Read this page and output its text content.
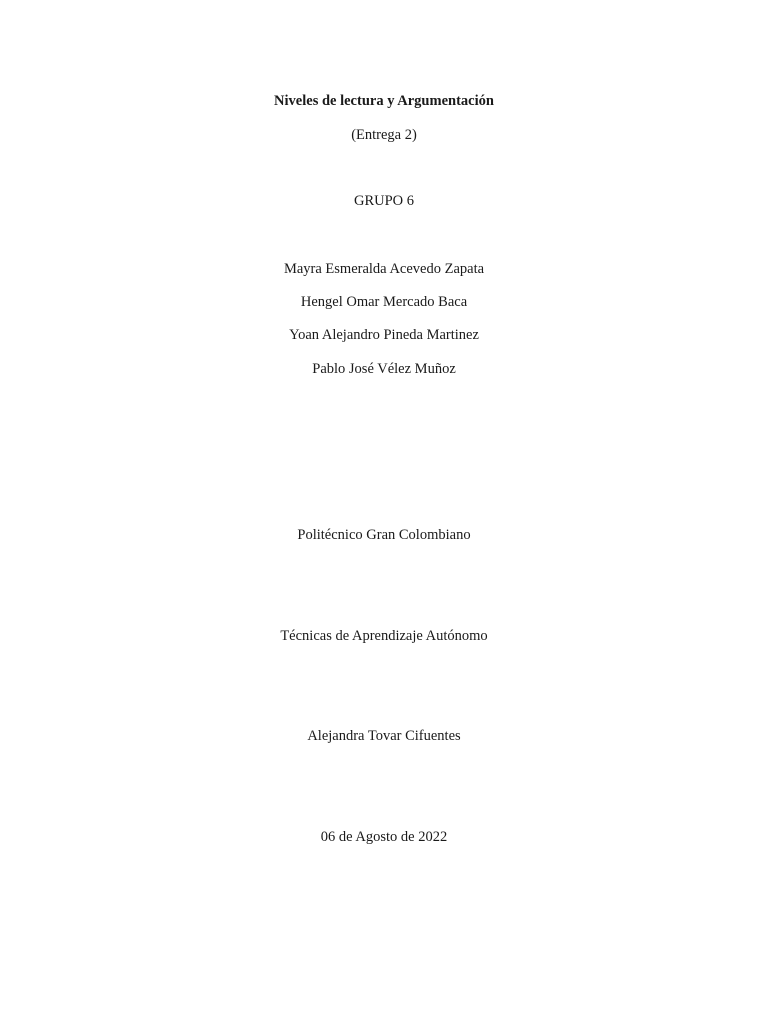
Niveles de lectura y Argumentación
(Entrega 2)
GRUPO 6
Mayra Esmeralda Acevedo Zapata
Hengel Omar Mercado Baca
Yoan Alejandro Pineda Martinez
Pablo José Vélez Muñoz
Politécnico Gran Colombiano
Técnicas de Aprendizaje Autónomo
Alejandra Tovar Cifuentes
06 de Agosto de 2022
